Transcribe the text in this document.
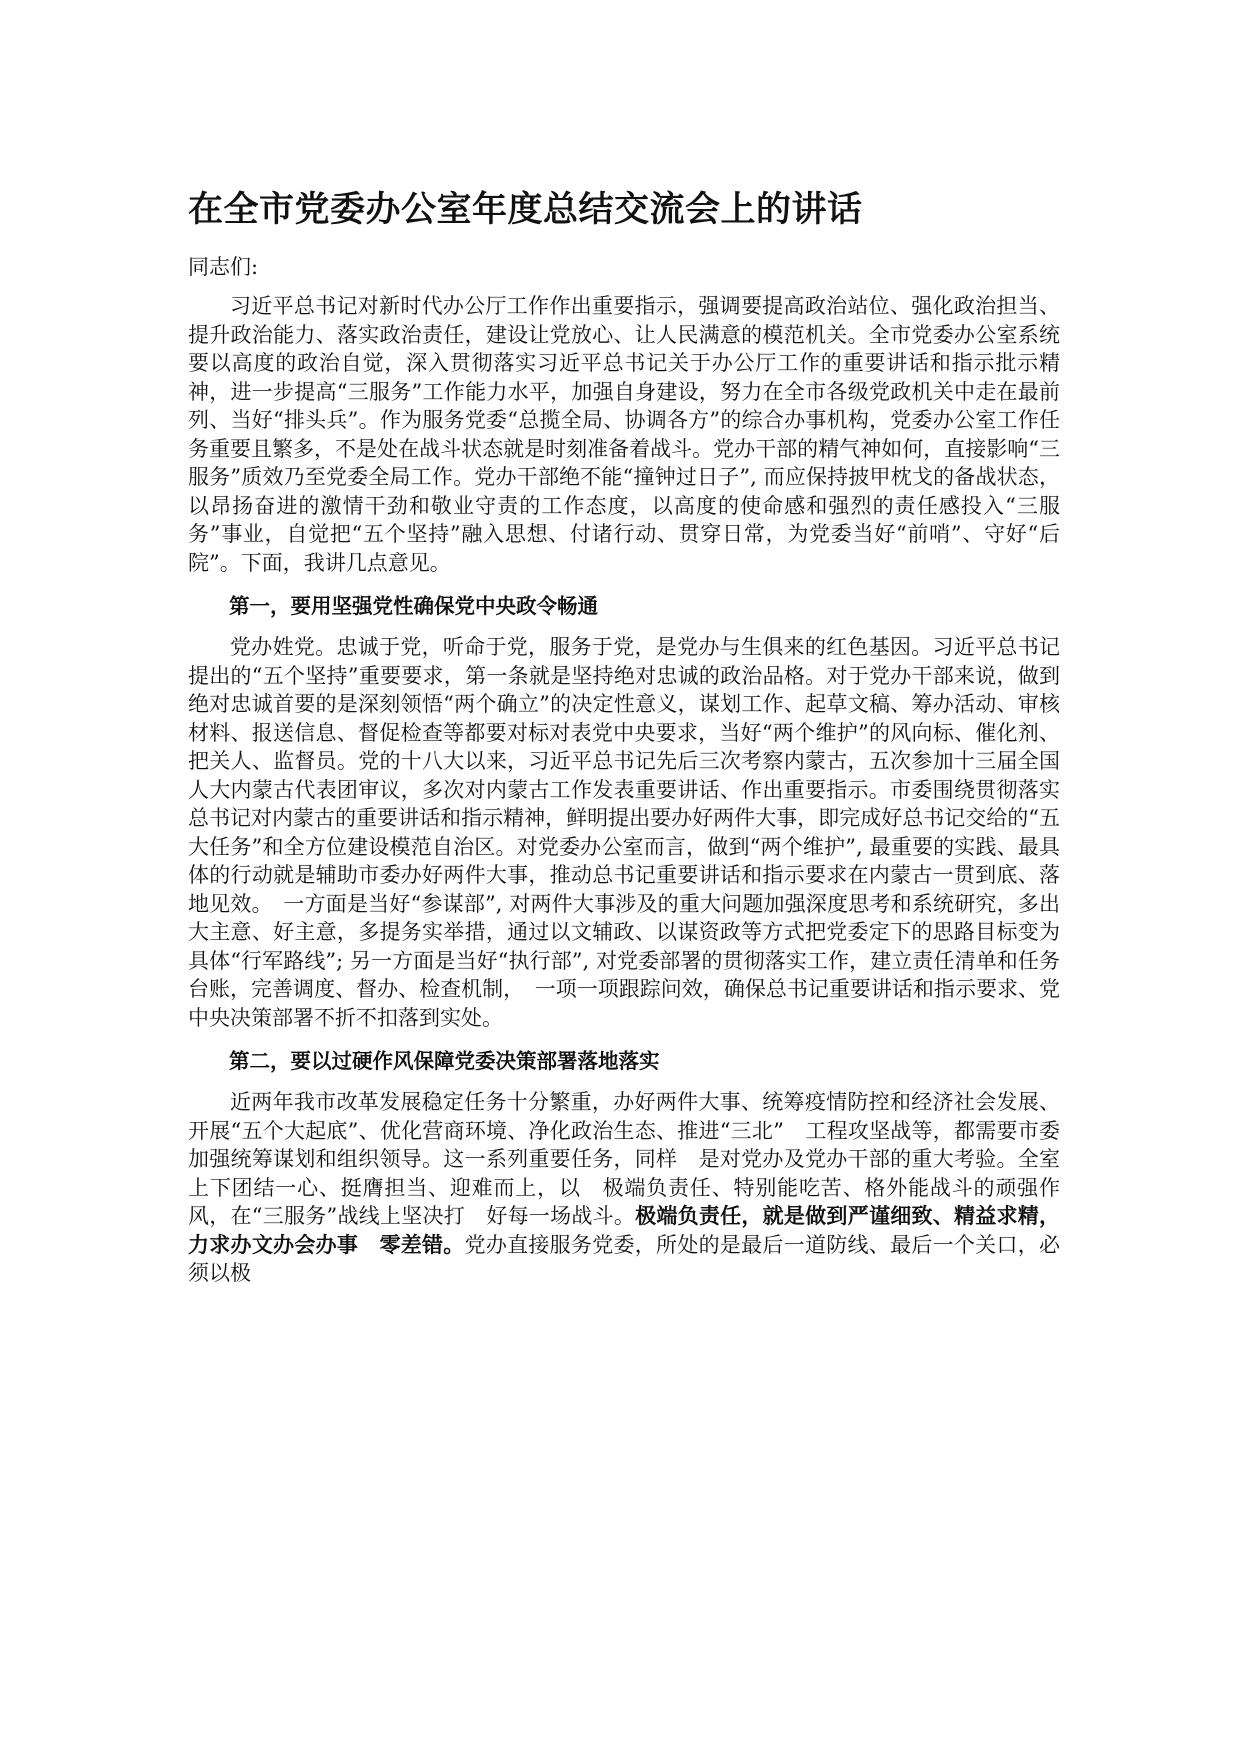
在全市党委办公室年度总结交流会上的讲话

同志们:

习近平总书记对新时代办公厅工作作出重要指示，强调要提高政治站位、强化政治担当、提升政治能力、落实政治责任，建设让党放心、让人民满意的模范机关。全市党委办公室系统要以高度的政治自觉，深入贯彻落实习近平总书记关于办公厅工作的重要讲话和指示批示精神，进一步提高“三服务”工作能力水平，加强自身建设，努力在全市各级党政机关中走在最前列、当好“排头兵”。作为服务党委“总揽全局、协调各方”的综合办事机构，党委办公室工作任务重要且繁多，不是处在战斗状态就是时刻准备着战斗。党办干部的精气神如何，直接影响“三服务”质效乃至党委全局工作。党办干部绝不能“撞钟过日子”, 而应保持披甲枕戈的备战状态，以昂扬奋进的激情干劲和敬业守责的工作态度，以高度的使命感和强烈的责任感投入“三服务”事业，自觉把“五个坚持”融入思想、付诸行动、贯穿日常，为党委当好“前哨”、守好“后院”。下面，我讲几点意见。

第一，要用坚强党性确保党中央政令畅通

党办姓党。忠诚于党，听命于党，服务于党，是党办与生俱来的红色基因。习近平总书记提出的“五个坚持”重要要求，第一条就是坚持绝对忠诚的政治品格。对于党办干部来说，做到绝对忠诚首要的是深刻领悟“两个确立”的决定性意义，谋划工作、起草文稿、筹办活动、审核材料、报送信息、督促检查等都要对标对表党中央要求，当好“两个维护”的风向标、催化剂、把关人、监督员。党的十八大以来，习近平总书记先后三次考察内蒙古，五次参加十三届全国人大内蒙古代表团审议，多次对内蒙古工作发表重要讲话、作出重要指示。市委围绕贯彻落实总书记对内蒙古的重要讲话和指示精神，鲜明提出要办好两件大事，即完成好总书记交给的“五大任务”和全方位建设模范自治区。对党委办公室而言，做到“两个维护”, 最重要的实践、最具体的行动就是辅助市委办好两件大事，推动总书记重要讲话和指示要求在内蒙古一贯到底、落地见效。　一方面是当好“参谋部”, 对两件大事涉及的重大问题加强深度思考和系统研究，多出大主意、好主意，多提务实举措，通过以文辅政、以谋资政等方式把党委定下的思路目标变为具体“行军路线”; 另一方面是当好“执行部”, 对党委部署的贯彻落实工作，建立责任清单和任务台账，完善调度、督办、检查机制，　一项一项跟踪问效，确保总书记重要讲话和指示要求、党中央决策部署不折不扣落到实处。

第二，要以过硬作风保障党委决策部署落地落实

近两年我市改革发展稳定任务十分繁重，办好两件大事、统筹疫情防控和经济社会发展、开展“五个大起底”、优化营商环境、净化政治生态、推进“三北”　工程攻坚战等，都需要市委加强统筹谋划和组织领导。这一系列重要任务，同样　是对党办及党办干部的重大考验。全室上下团结一心、挺膺担当、迎难而上，以　极端负责任、特别能吃苦、格外能战斗的顽强作风，在“三服务”战线上坚决打　好每一场战斗。极端负责任，就是做到严谨细致、精益求精，力求办文办会办事　零差错。党办直接服务党委，所处的是最后一道防线、最后一个关口，必须以极
